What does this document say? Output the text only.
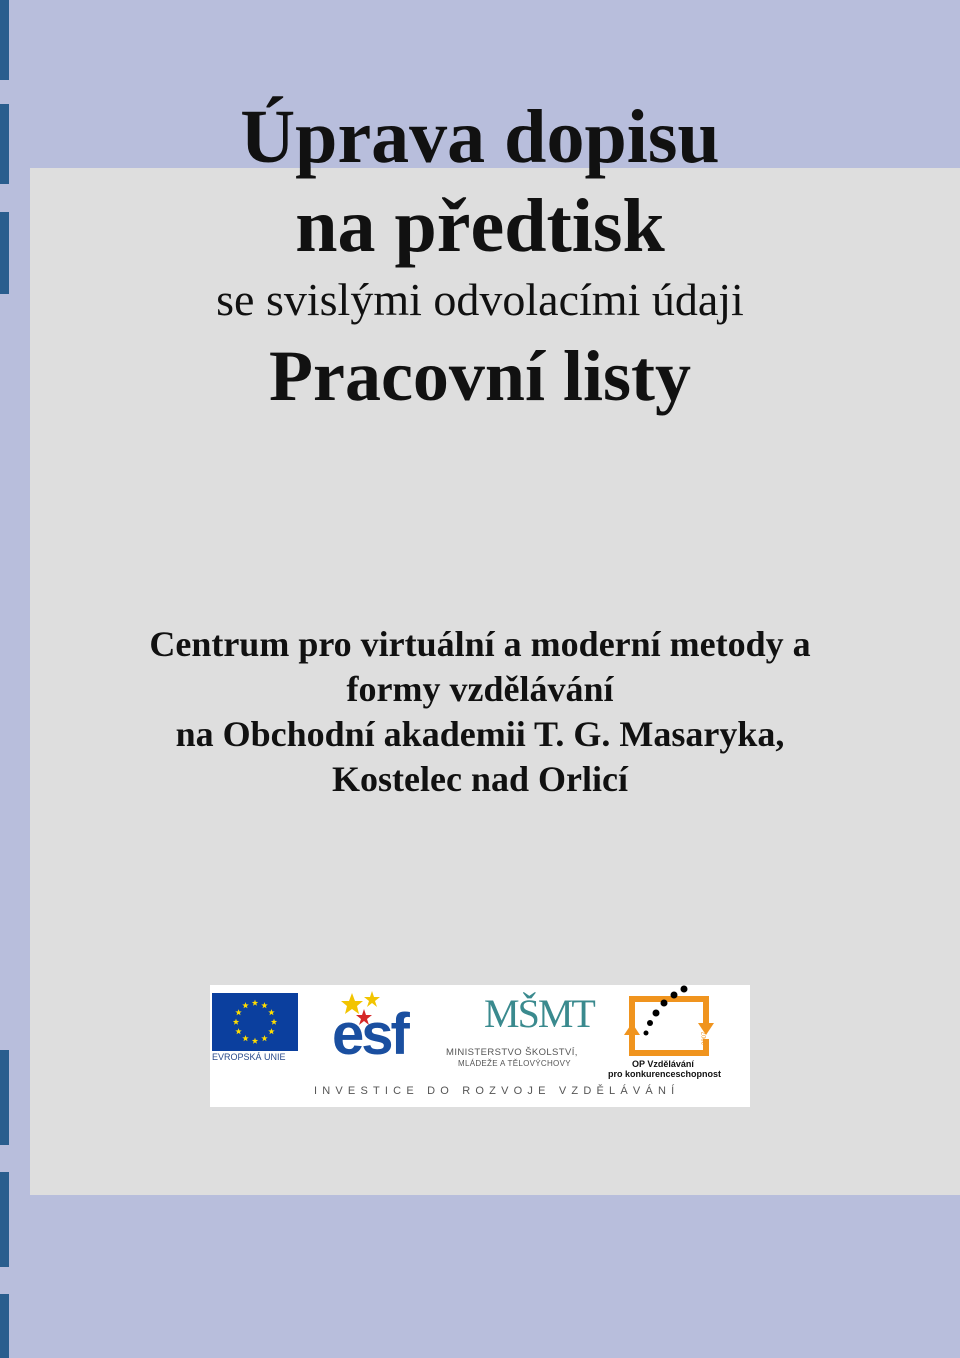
Úprava dopisu
na předtisk
se svislými odvolacími údaji
Pracovní listy
Centrum pro virtuální a moderní metody a
formy vzdělávání
na Obchodní akademii T. G. Masaryka,
Kostelec nad Orlicí
EVROPSKÁ UNIE esf MŠMT
MINISTERSTVO ŠKOLSTVÍ,
MLÁDEŽE A TĚLOVÝCHOVY
2007-13
OP Vzdělávání
pro konkurenceschopnost
INVESTICE DO ROZVOJE VZDĚLÁVÁNÍ
